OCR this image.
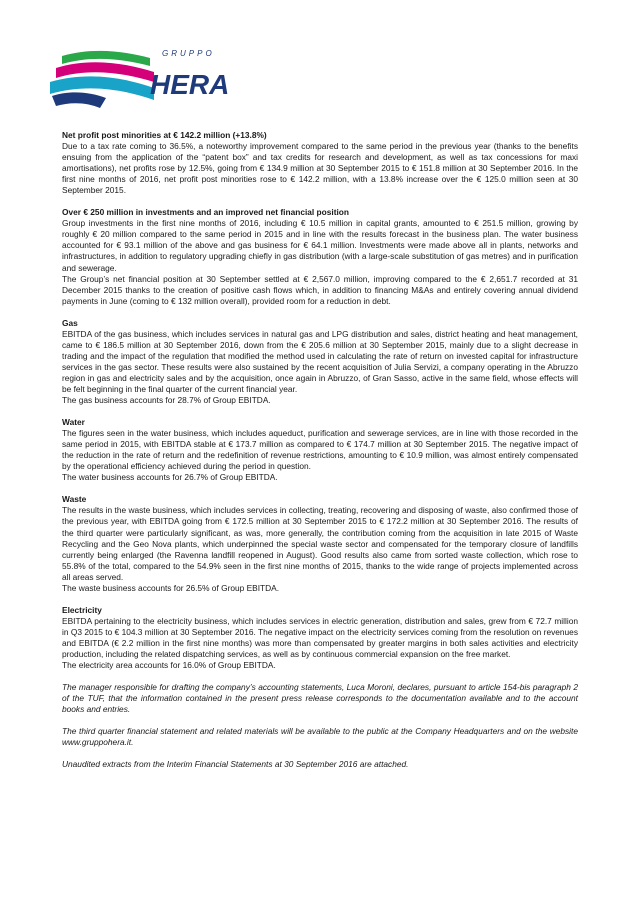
GRUPPO
HERA
Net profit post minorities at € 142.2 million (+13.8%)
Due to a tax rate coming to 36.5%, a noteworthy improvement compared to the same period in the previous year (thanks to the benefits ensuing from the application of the “patent box” and tax credits for research and development, as well as tax concessions for maxi amortisations), net profits rose by 12.5%, going from € 134.9 million at 30 September 2015 to € 151.8 million at 30 September 2016. In the first nine months of 2016, net profit post minorities rose to € 142.2 million, with a 13.8% increase over the € 125.0 million seen at 30 September 2015.
Over € 250 million in investments and an improved net financial position
Group investments in the first nine months of 2016, including € 10.5 million in capital grants, amounted to € 251.5 million, growing by roughly € 20 million compared to the same period in 2015 and in line with the results forecast in the business plan. The water business accounted for € 93.1 million of the above and gas business for € 64.1 million. Investments were made above all in plants, networks and infrastructures, in addition to regulatory upgrading chiefly in gas distribution (with a large-scale substitution of gas metres) and in purification and sewerage.
The Group’s net financial position at 30 September settled at € 2,567.0 million, improving compared to the € 2,651.7 recorded at 31 December 2015 thanks to the creation of positive cash flows which, in addition to financing M&As and entirely covering annual dividend payments in June (coming to € 132 million overall), provided room for a reduction in debt.
Gas
EBITDA of the gas business, which includes services in natural gas and LPG distribution and sales, district heating and heat management, came to € 186.5 million at 30 September 2016, down from the € 205.6 million at 30 September 2015, mainly due to a slight decrease in trading and the impact of the regulation that modified the method used in calculating the rate of return on invested capital for infrastructure services in the gas sector. These results were also sustained by the recent acquisition of Julia Servizi, a company operating in the Abruzzo region in gas and electricity sales and by the acquisition, once again in Abruzzo, of Gran Sasso, active in the same field, whose effects will be felt beginning in the final quarter of the current financial year.
The gas business accounts for 28.7% of Group EBITDA.
Water
The figures seen in the water business, which includes aqueduct, purification and sewerage services, are in line with those recorded in the same period in 2015, with EBITDA stable at € 173.7 million as compared to € 174.7 million at 30 September 2015. The negative impact of the reduction in the rate of return and the redefinition of revenue restrictions, amounting to € 10.9 million, was almost entirely compensated by the operational efficiency achieved during the period in question.
The water business accounts for 26.7% of Group EBITDA.
Waste
The results in the waste business, which includes services in collecting, treating, recovering and disposing of waste, also confirmed those of the previous year, with EBITDA going from € 172.5 million at 30 September 2015 to € 172.2 million at 30 September 2016. The results of the third quarter were particularly significant, as was, more generally, the contribution coming from the acquisition in late 2015 of Waste Recycling and the Geo Nova plants, which underpinned the special waste sector and compensated for the temporary closure of landfills currently being enlarged (the Ravenna landfill reopened in August). Good results also came from sorted waste collection, which rose to 55.8% of the total, compared to the 54.9% seen in the first nine months of 2015, thanks to the wide range of projects implemented across all areas served.
The waste business accounts for 26.5% of Group EBITDA.
Electricity
EBITDA pertaining to the electricity business, which includes services in electric generation, distribution and sales, grew from € 72.7 million in Q3 2015 to € 104.3 million at 30 September 2016. The negative impact on the electricity services coming from the resolution on revenues and EBITDA (€ 2.2 million in the first nine months) was more than compensated by greater margins in both sales activities and electricity production, including the related dispatching services, as well as by continuous commercial expansion on the free market.
The electricity area accounts for 16.0% of Group EBITDA.
The manager responsible for drafting the company’s accounting statements, Luca Moroni, declares, pursuant to article 154-bis paragraph 2 of the TUF, that the information contained in the present press release corresponds to the documentation available and to the account books and entries.
The third quarter financial statement and related materials will be available to the public at the Company Headquarters and on the website www.gruppohera.it.
Unaudited extracts from the Interim Financial Statements at 30 September 2016 are attached.
